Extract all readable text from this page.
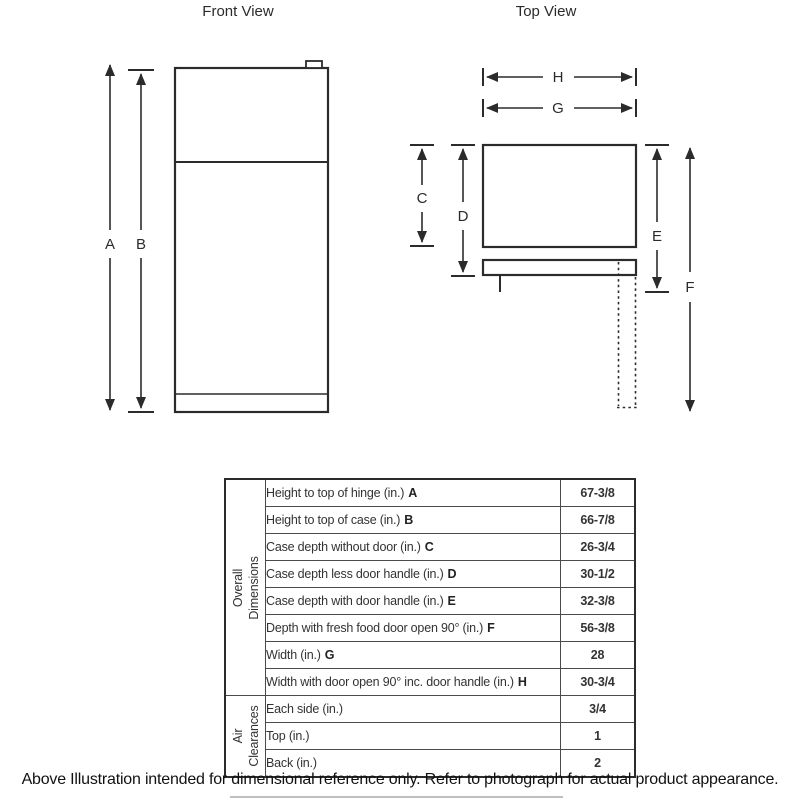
Front View
A B
Top View
H
G
C
D
E
F
Overall Dimensions	Height to top of hinge (in.) A	67-3/8
	Height to top of case (in.) B	66-7/8
	Case depth without door (in.) C	26-3/4
	Case depth less door handle (in.) D	30-1/2
	Case depth with door handle (in.) E	32-3/8
	Depth with fresh food door open 90° (in.) F	56-3/8
	Width (in.) G	28
	Width with door open 90° inc. door handle (in.) H	30-3/4

Air Clearances	Each side (in.)	3/4
	Top (in.)	1
	Back (in.)	2
Above Illustration intended for dimensional reference only. Refer to photograph for actual product appearance.
